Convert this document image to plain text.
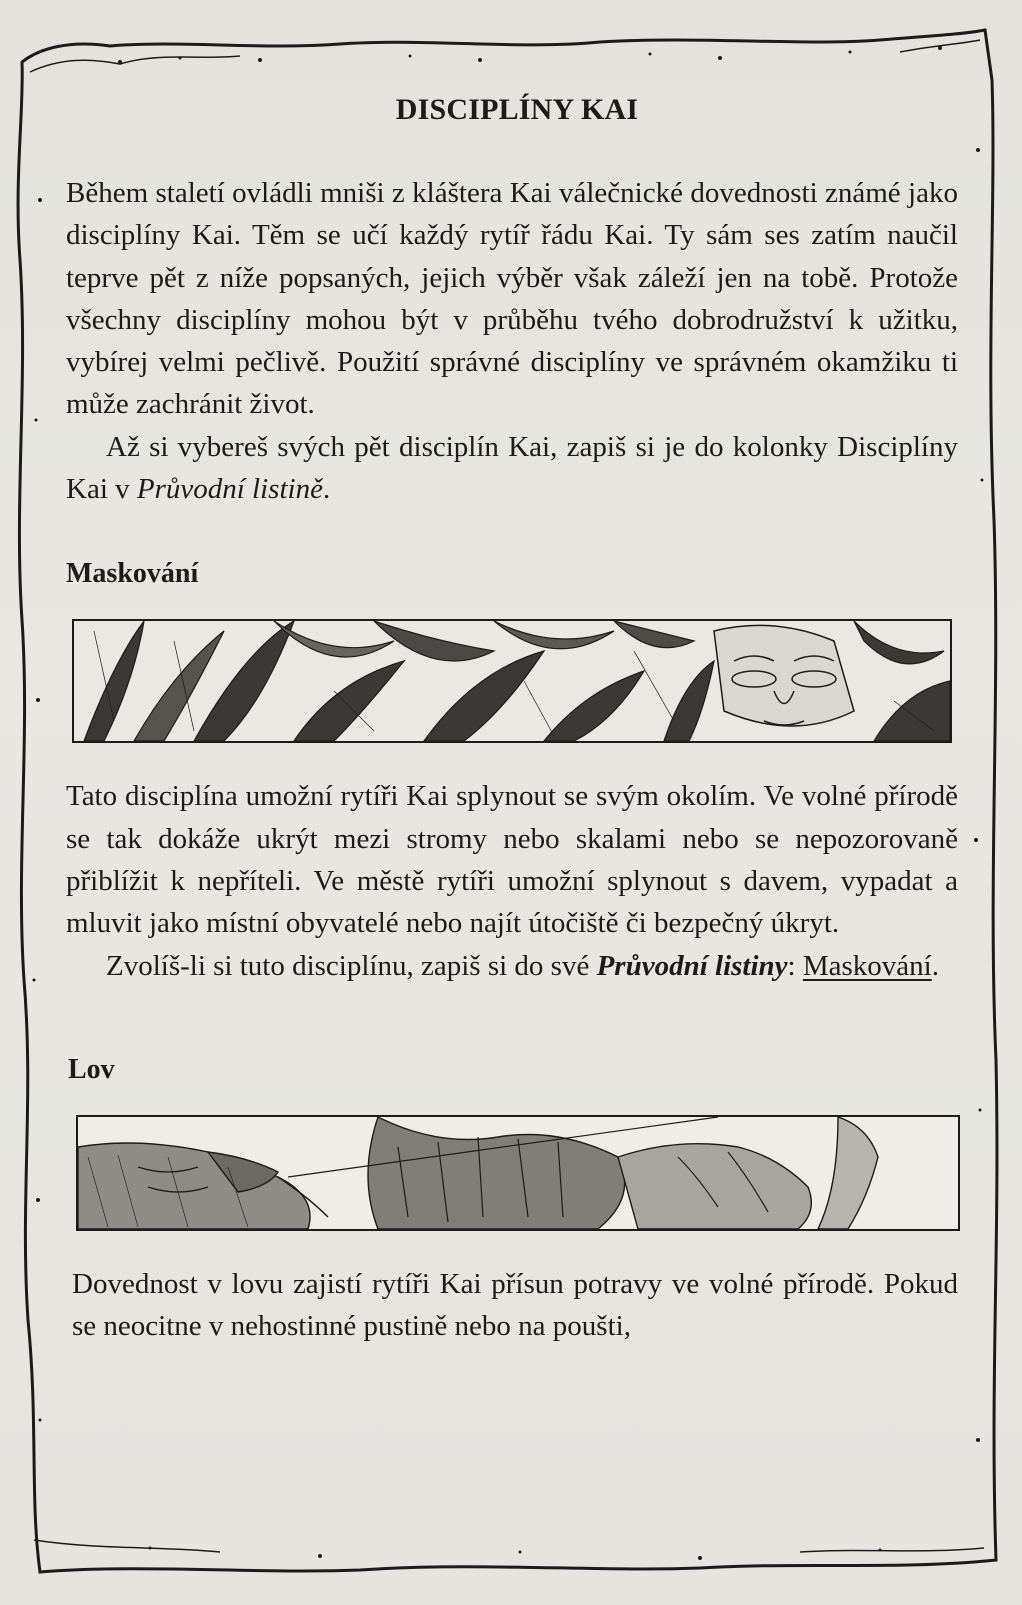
DISCIPLÍNY KAI

Během staletí ovládli mniši z kláštera Kai válečnické dovednosti známé jako disciplíny Kai. Těm se učí každý rytíř řádu Kai. Ty sám ses zatím naučil teprve pět z níže popsaných, jejich výběr však záleží jen na tobě. Protože všechny disciplíny mohou být v průběhu tvého dobrodružství k užitku, vybírej velmi pečlivě. Použití správné disciplíny ve správném okamžiku ti může zachránit život.

Až si vybereš svých pět disciplín Kai, zapiš si je do kolonky Disciplíny Kai v Průvodní listině.

Maskování

Tato disciplína umožní rytíři Kai splynout se svým okolím. Ve volné přírodě se tak dokáže ukrýt mezi stromy nebo skalami nebo se nepozorovaně přiblížit k nepříteli. Ve městě rytíři umožní splynout s davem, vypadat a mluvit jako místní obyvatelé nebo najít útočiště či bezpečný úkryt.

Zvolíš-li si tuto disciplínu, zapiš si do své Průvodní listiny: Maskování.

Lov

Dovednost v lovu zajistí rytíři Kai přísun potravy ve volné přírodě. Pokud se neocitne v nehostinné pustině nebo na poušti,
